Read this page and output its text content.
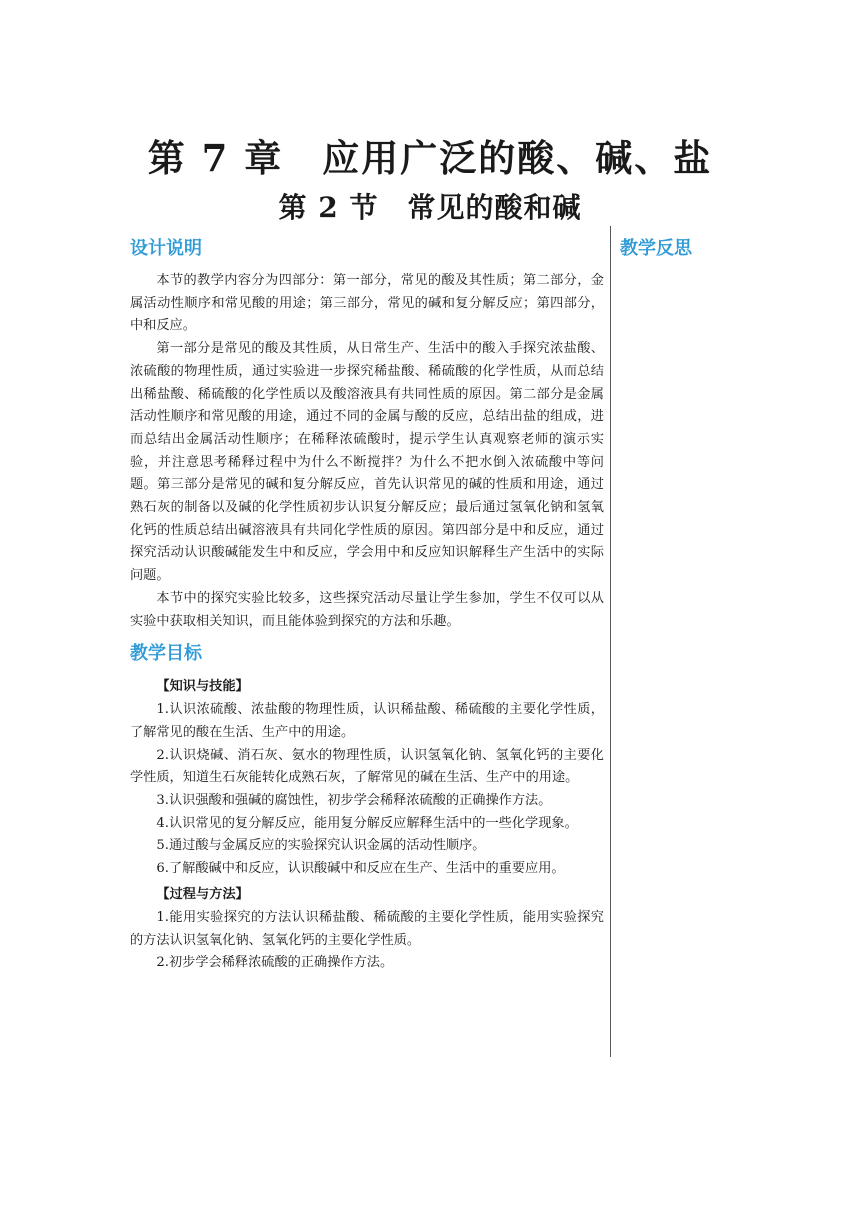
第 7 章　应用广泛的酸、碱、盐
第 2 节　常见的酸和碱
教学反思
设计说明

本节的教学内容分为四部分：第一部分，常见的酸及其性质；第二部分，金属活动性顺序和常见酸的用途；第三部分，常见的碱和复分解反应；第四部分，中和反应。

第一部分是常见的酸及其性质，从日常生产、生活中的酸入手探究浓盐酸、浓硫酸的物理性质，通过实验进一步探究稀盐酸、稀硫酸的化学性质，从而总结出稀盐酸、稀硫酸的化学性质以及酸溶液具有共同性质的原因。第二部分是金属活动性顺序和常见酸的用途，通过不同的金属与酸的反应，总结出盐的组成，进而总结出金属活动性顺序；在稀释浓硫酸时，提示学生认真观察老师的演示实验，并注意思考稀释过程中为什么不断搅拌？为什么不把水倒入浓硫酸中等问题。第三部分是常见的碱和复分解反应，首先认识常见的碱的性质和用途，通过熟石灰的制备以及碱的化学性质初步认识复分解反应；最后通过氢氧化钠和氢氧化钙的性质总结出碱溶液具有共同化学性质的原因。第四部分是中和反应，通过探究活动认识酸碱能发生中和反应，学会用中和反应知识解释生产生活中的实际问题。

本节中的探究实验比较多，这些探究活动尽量让学生参加，学生不仅可以从实验中获取相关知识，而且能体验到探究的方法和乐趣。

教学目标
【知识与技能】

1.认识浓硫酸、浓盐酸的物理性质，认识稀盐酸、稀硫酸的主要化学性质，了解常见的酸在生活、生产中的用途。

2.认识烧碱、消石灰、氨水的物理性质，认识氢氧化钠、氢氧化钙的主要化学性质，知道生石灰能转化成熟石灰，了解常见的碱在生活、生产中的用途。

3.认识强酸和强碱的腐蚀性，初步学会稀释浓硫酸的正确操作方法。

4.认识常见的复分解反应，能用复分解反应解释生活中的一些化学现象。

5.通过酸与金属反应的实验探究认识金属的活动性顺序。

6.了解酸碱中和反应，认识酸碱中和反应在生产、生活中的重要应用。

【过程与方法】

1.能用实验探究的方法认识稀盐酸、稀硫酸的主要化学性质，能用实验探究的方法认识氢氧化钠、氢氧化钙的主要化学性质。

2.初步学会稀释浓硫酸的正确操作方法。
